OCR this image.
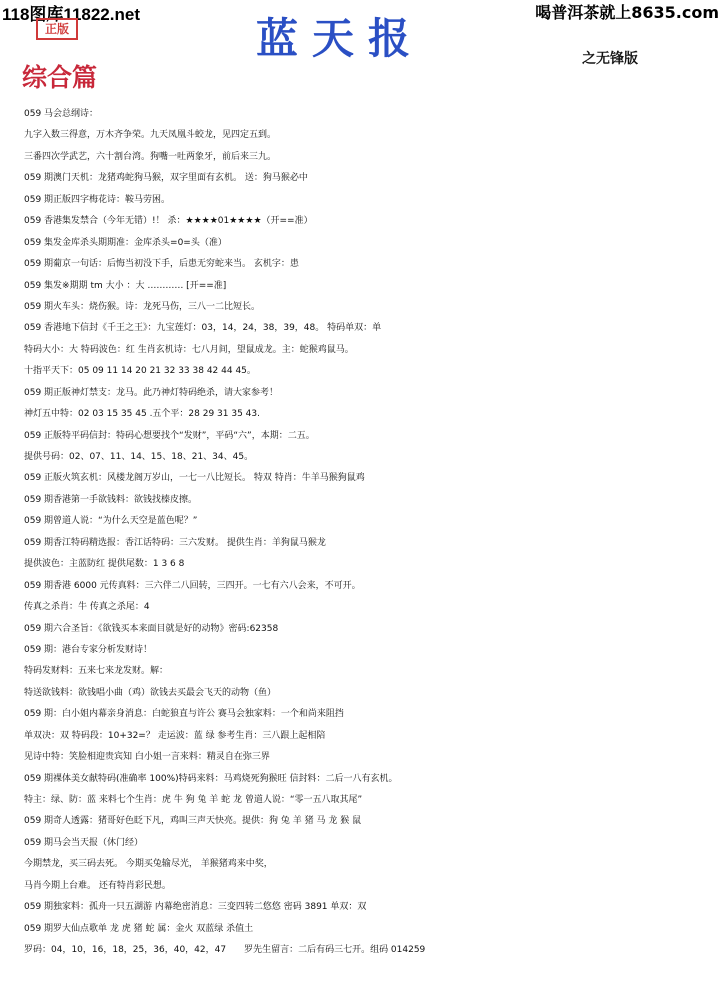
118图库11822.net	喝普洱茶就上8635.com
正版	蓝天报	之无锋版
综合篇
059 马会总纲诗：
九字入数三得意，万木齐争荣。九天凤凰斗蛟龙，见四定五到。
三番四次学武艺，六十割台湾。狗嘴一吐两象牙，前后来三九。
059 期澳门天机：龙猪鸡蛇狗马猴，双字里面有玄机。 送：狗马猴必中
059 期正版四字梅花诗：鞍马劳困。
059 香港集发禁合（今年无错）!！ 杀：★★★★01★★★★（开==准）
059 集发金库杀头期期准：金库杀头=0=头（准）
059 期葡京一句话：后悔当初没下手，后患无穷蛇来当。 玄机字：患
059 集发※期期 tm 大小 ：大 ………… [开==准]
059 期火车头：烧伤猴。诗：龙死马伤，三八一二比短长。
059 香港地下信封《千王之王》：九宝莲灯：03，14，24，38，39，48。 特码单双：单
特码大小：大 特码波色：红 生肖玄机诗：七八月间，望鼠成龙。主：蛇猴鸡鼠马。
十指平天下：05 09 11 14 20 21 32 33 38 42 44 45。
059 期正版神灯禁支：龙马。此乃神灯特码绝杀，请大家参考！
神灯五中特：02 03 15 35 45 .五个平：28 29 31 35 43.
059 正版特平码信封：特码心想要找个“发财”，平码“六”，本期：二五。
提供号码：02、07、11、14、15、18、21、34、45。
059 正版火筑玄机：风楼龙阁万岁山，一七一八比短长。 特双 特肖：牛羊马猴狗鼠鸡
059 期香港第一手欲钱料：欲钱找榛皮擦。
059 期曾道人说：“为什么天空是蓝色呢？”
059 期香江特码精选报：香江话特码：三六发财。 提供生肖：羊狗鼠马猴龙
提供波色：主蓝防红 提供尾数：1 3 6 8
059 期香港 6000 元传真料：三六伴二八回转，三四开。一七有六八会来，不可开。
传真之杀肖：牛 传真之杀尾：4
059 期六合圣旨：《欲钱买本来面目就是好的动物》密码:62358
059 期：港台专家分析发财诗！
特码发财料：五来七来龙发财。解：
特送欲钱料：欲钱唱小曲（鸡）欲钱去买最会飞天的动物（鱼）
059 期：白小姐内幕亲身消息：白蛇狼直与许公 赛马会独家料：一个和尚来阻挡
单双决：双 特码段：10+32=？ 走运波：蓝 绿 参考生肖：三八跟上起相陪
见诗中特：笑脸相迎贵宾知 白小姐一言来料：精灵自在弥三界
059 期裸体美女献特码(准确率 100%)特码来料：马鸡烧死狗猴旺 信封料：二后一八有玄机。
特主：绿、防：蓝 来料七个生肖：虎 牛 狗 兔 羊 蛇 龙 曾道人说：“零一五八取其尾”
059 期奇人透露：猪哥好色眨下凡，鸡叫三声天快亮。提供：狗 兔 羊 猪 马 龙 猴 鼠
059 期马会当天报（休门经）
今期禁龙，买三码去死。 今期买兔输尽光， 羊猴猪鸡来中奖，
马肖今期上台难。 还有特肖彩民想。
059 期独家料：孤舟一只五湖游 内幕绝密消息：三变四转二悠悠 密码 3891 单双：双
059 期罗大仙点歌单 龙 虎 猪 蛇 属：金火 双蓝绿 杀值土
罗码：04，10，16，18，25，36，40，42，47　　罗先生留言：二后有码三七开。组码 014259
